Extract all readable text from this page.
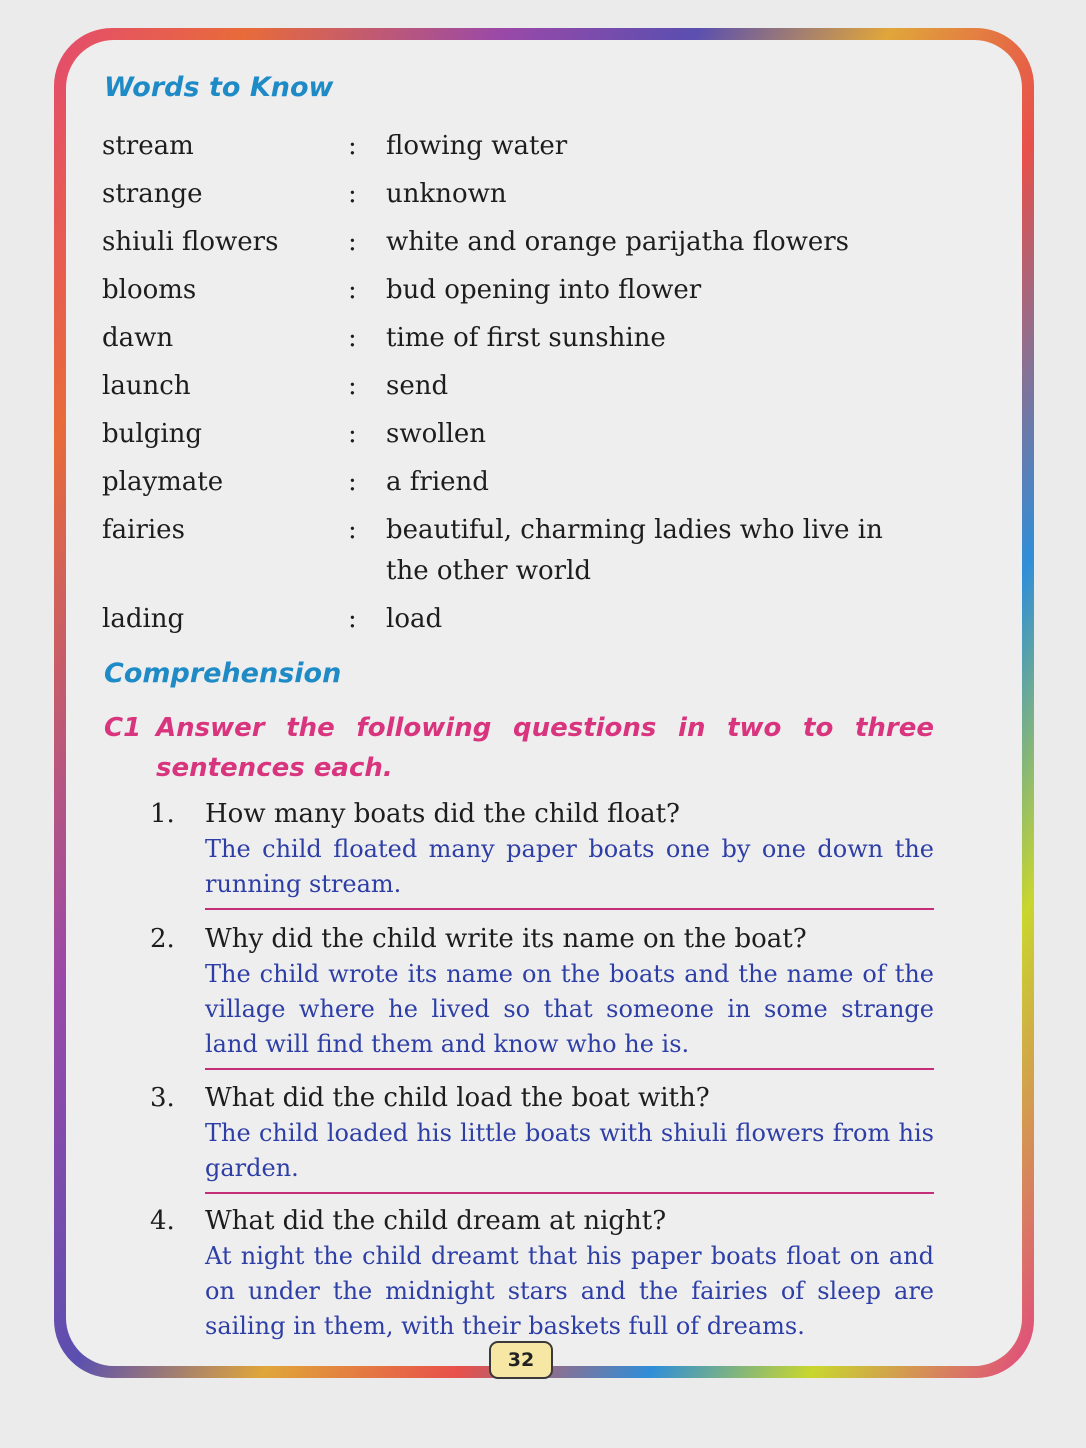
Words to Know
stream	:	flowing water
strange	:	unknown
shiuli flowers	:	white and orange parijatha flowers
blooms	:	bud opening into flower
dawn	:	time of first sunshine
launch	:	send
bulging	:	swollen
playmate	:	a friend
fairies	:	beautiful, charming ladies who live in the other world
lading	:	load
Comprehension
C1 Answer the following questions in two to three sentences each.
1.	How many boats did the child float?
The child floated many paper boats one by one down the running stream.
2.	Why did the child write its name on the boat?
The child wrote its name on the boats and the name of the village where he lived so that someone in some strange land will find them and know who he is.
3.	What did the child load the boat with?
The child loaded his little boats with shiuli flowers from his garden.
4.	What did the child dream at night?
At night the child dreamt that his paper boats float on and on under the midnight stars and the fairies of sleep are sailing in them, with their baskets full of dreams.
32
